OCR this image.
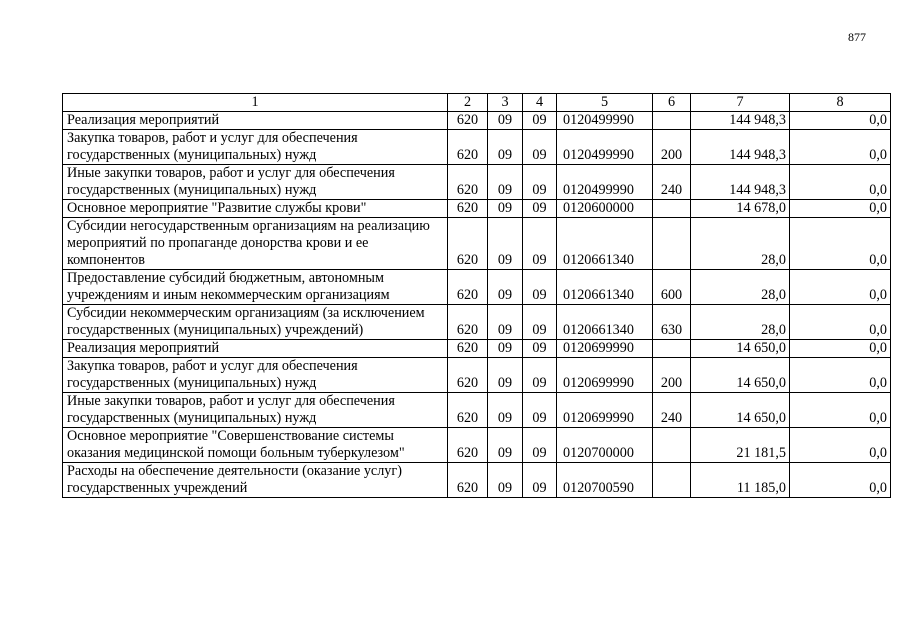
877
1	2	3	4	5	6	7	8
Реализация мероприятий	620	09	09	0120499990		144 948,3	0,0
Закупка товаров, работ и услуг для обеспечения государственных (муниципальных) нужд	620	09	09	0120499990	200	144 948,3	0,0
Иные закупки товаров, работ и услуг для обеспечения государственных (муниципальных) нужд	620	09	09	0120499990	240	144 948,3	0,0
Основное мероприятие "Развитие службы крови"	620	09	09	0120600000		14 678,0	0,0
Субсидии негосударственным организациям на реализацию мероприятий по пропаганде донорства крови и ее компонентов	620	09	09	0120661340		28,0	0,0
Предоставление субсидий бюджетным, автономным учреждениям и иным некоммерческим организациям	620	09	09	0120661340	600	28,0	0,0
Субсидии некоммерческим организациям (за исключением государственных (муниципальных) учреждений)	620	09	09	0120661340	630	28,0	0,0
Реализация мероприятий	620	09	09	0120699990		14 650,0	0,0
Закупка товаров, работ и услуг для обеспечения государственных (муниципальных) нужд	620	09	09	0120699990	200	14 650,0	0,0
Иные закупки товаров, работ и услуг для обеспечения государственных (муниципальных) нужд	620	09	09	0120699990	240	14 650,0	0,0
Основное мероприятие "Совершенствование системы оказания медицинской помощи больным туберкулезом"	620	09	09	0120700000		21 181,5	0,0
Расходы на обеспечение деятельности (оказание услуг) государственных учреждений	620	09	09	0120700590		11 185,0	0,0
